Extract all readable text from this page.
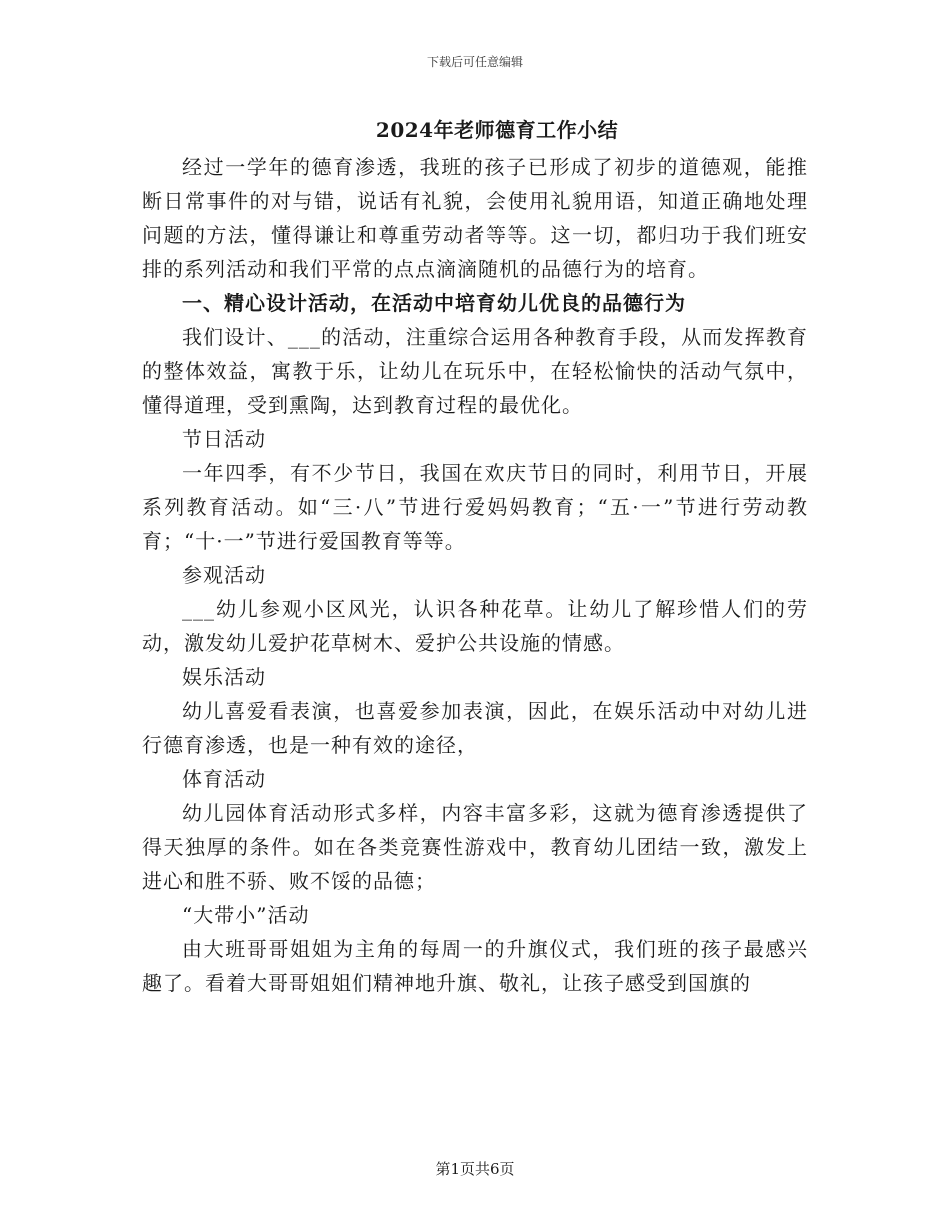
下载后可任意编辑
2024年老师德育工作小结

经过一学年的德育渗透，我班的孩子已形成了初步的道德观，能推断日常事件的对与错，说话有礼貌，会使用礼貌用语，知道正确地处理问题的方法，懂得谦让和尊重劳动者等等。这一切，都归功于我们班安排的系列活动和我们平常的点点滴滴随机的品德行为的培育。

一、精心设计活动，在活动中培育幼儿优良的品德行为

我们设计、___的活动，注重综合运用各种教育手段，从而发挥教育的整体效益，寓教于乐，让幼儿在玩乐中，在轻松愉快的活动气氛中，懂得道理，受到熏陶，达到教育过程的最优化。

节日活动

一年四季，有不少节日，我国在欢庆节日的同时，利用节日，开展系列教育活动。如“三·八”节进行爱妈妈教育；“五·一”节进行劳动教育；“十·一”节进行爱国教育等等。

参观活动

___幼儿参观小区风光，认识各种花草。让幼儿了解珍惜人们的劳动，激发幼儿爱护花草树木、爱护公共设施的情感。

娱乐活动

幼儿喜爱看表演，也喜爱参加表演，因此，在娱乐活动中对幼儿进行德育渗透，也是一种有效的途径，

体育活动

幼儿园体育活动形式多样，内容丰富多彩，这就为德育渗透提供了得天独厚的条件。如在各类竞赛性游戏中，教育幼儿团结一致，激发上进心和胜不骄、败不馁的品德；

“大带小”活动

由大班哥哥姐姐为主角的每周一的升旗仪式，我们班的孩子最感兴趣了。看着大哥哥姐姐们精神地升旗、敬礼，让孩子感受到国旗的

第1页共6页
